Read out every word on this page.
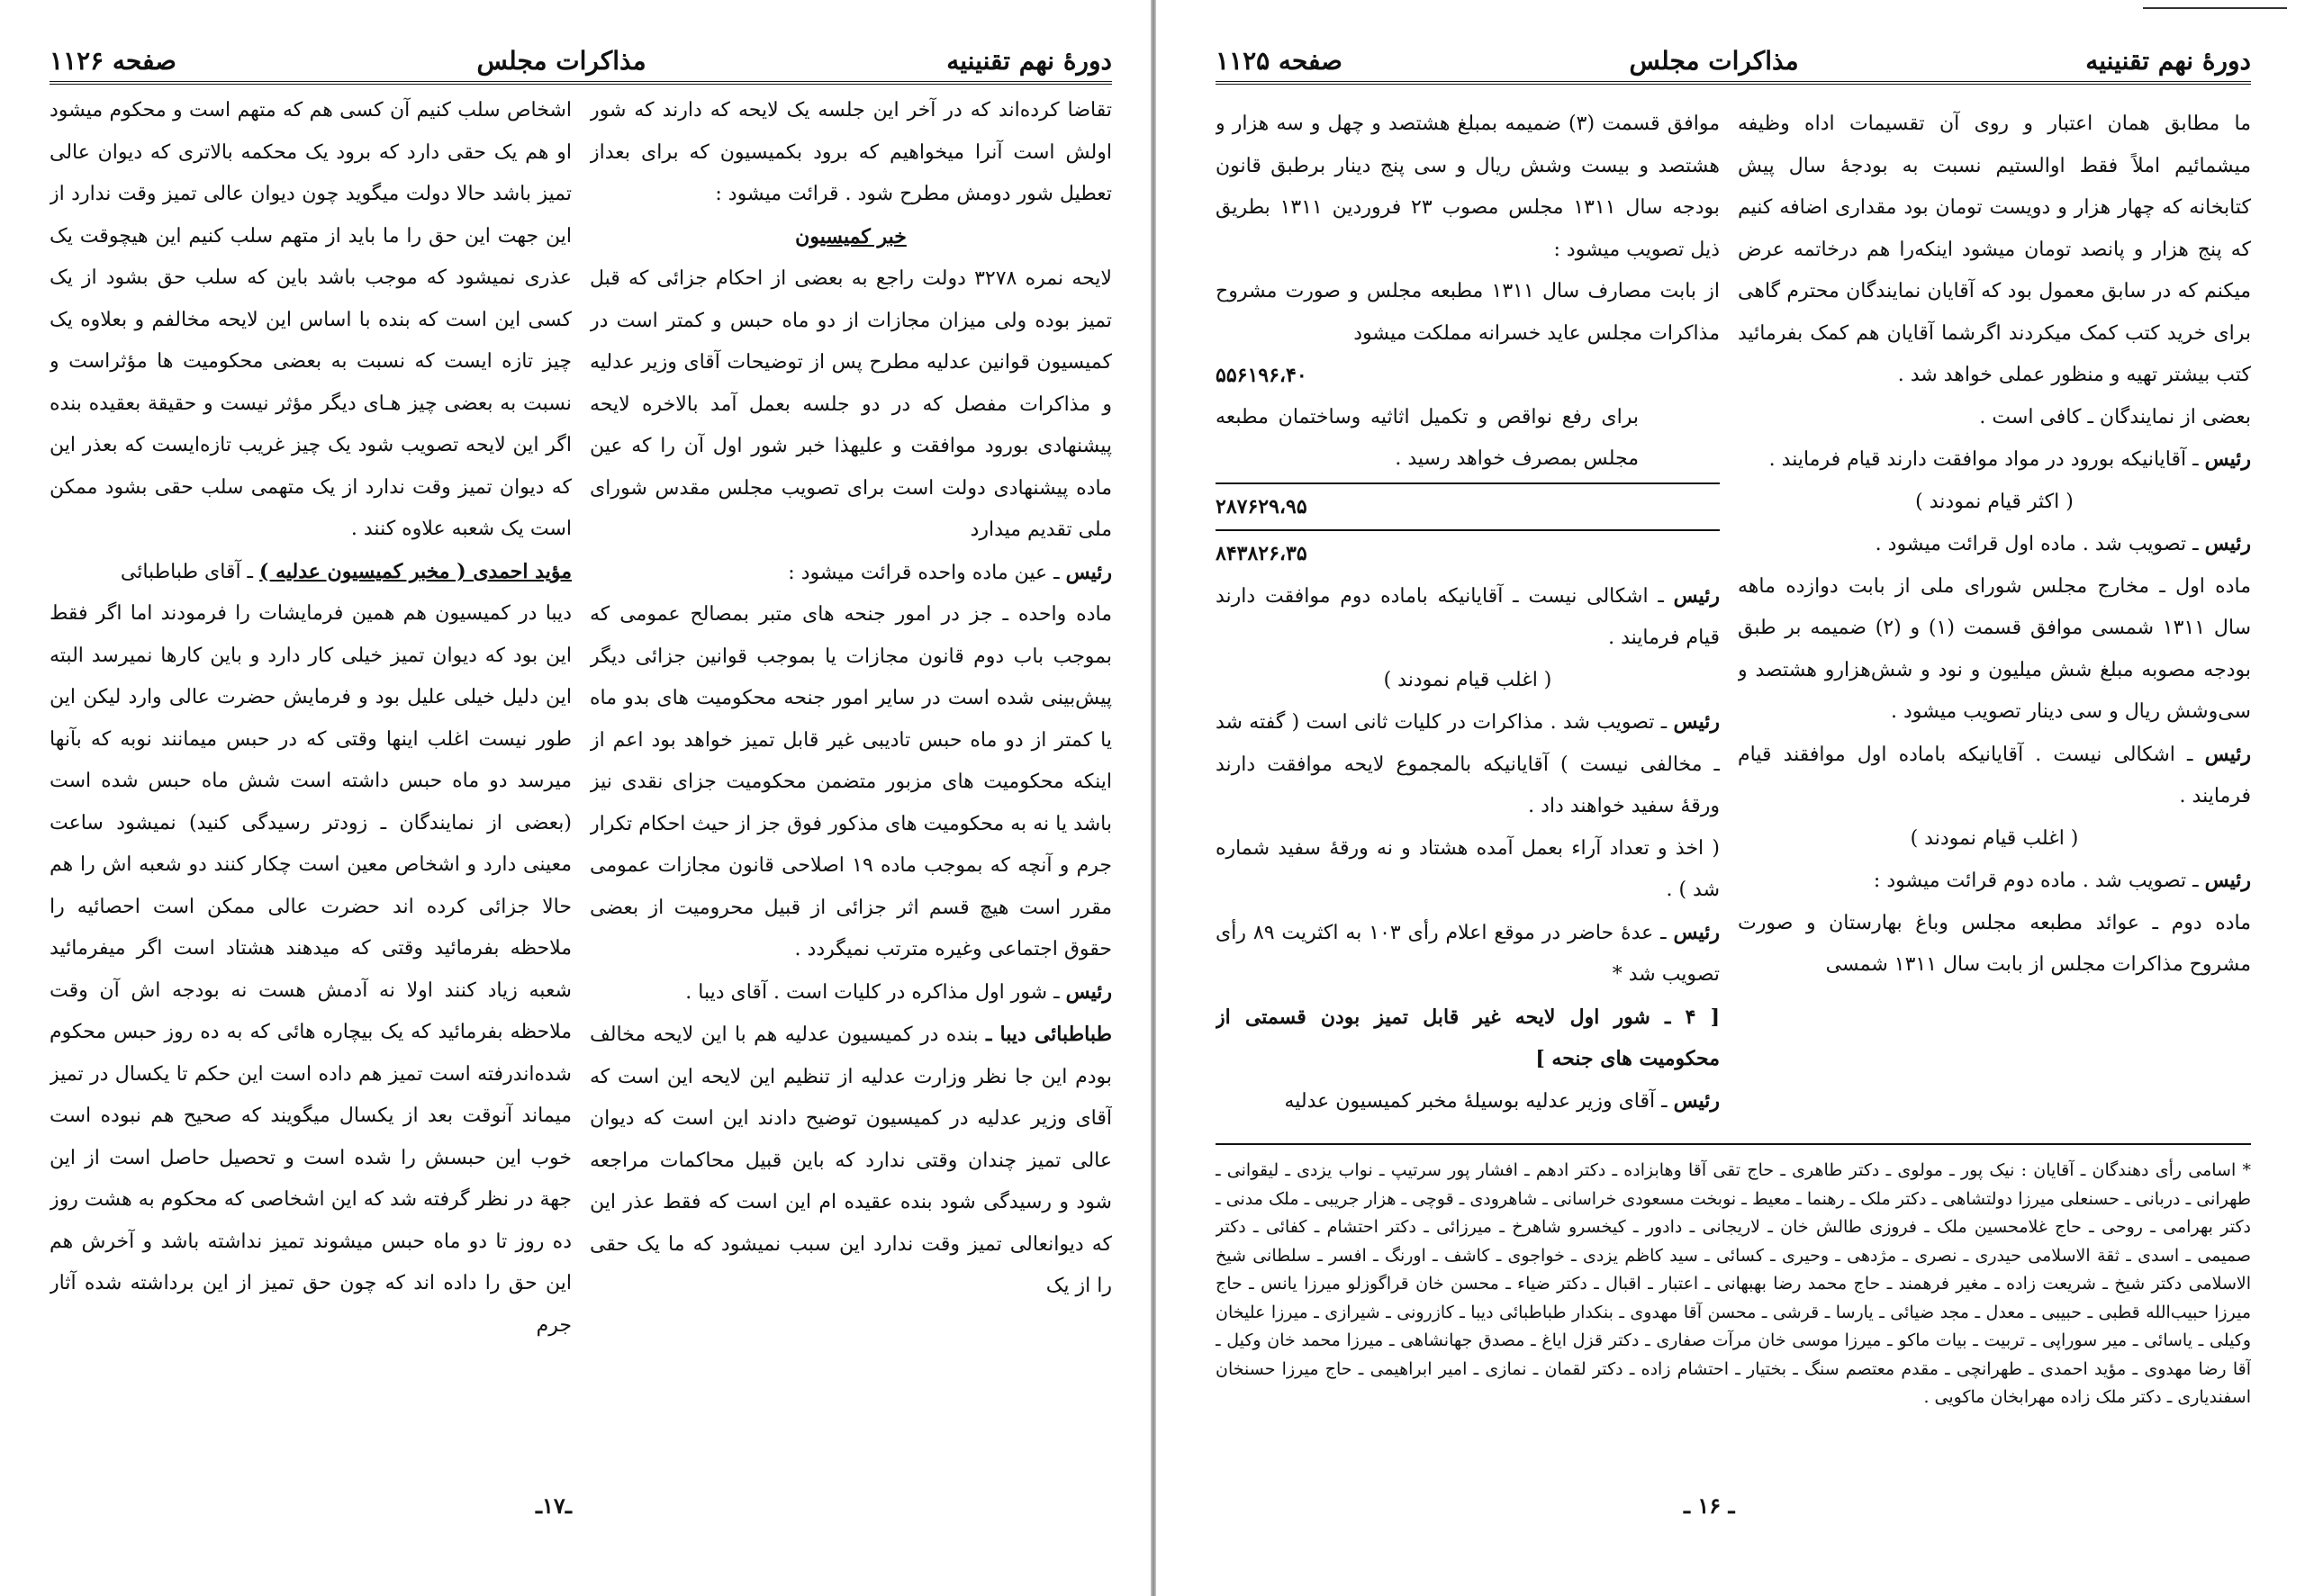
دورهٔ نهم تقنینیه
مذاکرات مجلس
صفحه ۱۱۲۶

تقاضا کرده‌اند که در آخر این جلسه یک لایحه که دارند که شور اولش است آنرا میخواهیم که برود بکمیسیون که برای بعداز تعطیل شور دومش مطرح شود . قرائت میشود :

خبر کمیسیون

لایحه نمره ۳۲۷۸ دولت راجع به بعضی از احکام جزائی که قبل تمیز بوده ولی میزان مجازات از دو ماه حبس و کمتر است در کمیسیون قوانین عدلیه مطرح پس از توضیحات آقای وزیر عدلیه و مذاکرات مفصل که در دو جلسه بعمل آمد بالاخره لایحه پیشنهادی بورود موافقت و علیهذا خبر شور اول آن را که عین ماده پیشنهادی دولت است برای تصویب مجلس مقدس شورای ملی تقدیم میدارد

رئیس ـ عین ماده واحده قرائت میشود :

ماده واحده ـ جز در امور جنحه های متبر بمصالح عمومی که بموجب باب دوم قانون مجازات یا بموجب قوانین جزائی دیگر پیش‌بینی شده است در سایر امور جنحه محکومیت های بدو ماه یا کمتر از دو ماه حبس تادیبی غیر قابل تمیز خواهد بود اعم از اینکه محکومیت های مزبور متضمن محکومیت جزای نقدی نیز باشد یا نه به محکومیت های مذکور فوق جز از حیث احکام تکرار جرم و آنچه که بموجب ماده ۱۹ اصلاحی قانون مجازات عمومی مقرر است هیچ قسم اثر جزائی از قبیل محرومیت از بعضی حقوق اجتماعی وغیره مترتب نمیگردد .

رئیس ـ شور اول مذاکره در کلیات است . آقای دیبا .

طباطبائی دیبا ـ بنده در کمیسیون عدلیه هم با این لایحه مخالف بودم این جا نظر وزارت عدلیه از تنظیم این لایحه این است که آقای وزیر عدلیه در کمیسیون توضیح دادند این است که دیوان عالی تمیز چندان وقتی ندارد که باین قبیل محاکمات مراجعه شود و رسیدگی شود بنده عقیده ام این است که فقط عذر این که دیوانعالی تمیز وقت ندارد این سبب نمیشود که ما یک حقی را از یک

اشخاص سلب کنیم آن کسی هم که متهم است و محکوم میشود او هم یک حقی دارد که برود یک محکمه بالاتری که دیوان عالی تمیز باشد حالا دولت میگوید چون دیوان عالی تمیز وقت ندارد از این جهت این حق را ما باید از متهم سلب کنیم این هیچوقت یک عذری نمیشود که موجب باشد باین که سلب حق بشود از یک کسی این است که بنده با اساس این لایحه مخالفم و بعلاوه یک چیز تازه ایست که نسبت به بعضی محکومیت ها مؤثراست و نسبت به بعضی چیز هـای دیگر مؤثر نیست و حقیقة بعقیده بنده اگر این لایحه تصویب شود یک چیز غریب تازه‌ایست که بعذر این که دیوان تمیز وقت ندارد از یک متهمی سلب حقی بشود ممکن است یک شعبه علاوه کنند .

مؤید احمدی ( مخبر کمیسیون عدلیه ) ـ آقای طباطبائی

دیبا در کمیسیون هم همین فرمایشات را فرمودند اما اگر فقط این بود که دیوان تمیز خیلی کار دارد و باین کارها نمیرسد البته این دلیل خیلی علیل بود و فرمایش حضرت عالی وارد لیکن این طور نیست اغلب اینها وقتی که در حبس میمانند نوبه که بآنها میرسد دو ماه حبس داشته است شش ماه حبس شده است (بعضی از نمایندگان ـ زودتر رسیدگی کنید) نمیشود ساعت معینی دارد و اشخاص معین است چکار کنند دو شعبه اش را هم حالا جزائی کرده اند حضرت عالی ممکن است احصائیه را ملاحظه بفرمائید وقتی که میدهند هشتاد است اگر میفرمائید شعبه زیاد کنند اولا نه آدمش هست نه بودجه اش آن وقت ملاحظه بفرمائید که یک بیچاره هائی که به ده روز حبس محکوم شده‌اندرفته است تمیز هم داده است این حکم تا یکسال در تمیز میماند آنوقت بعد از یکسال میگویند که صحیح هم نبوده است خوب این حبسش را شده است و تحصیل حاصل است از این جهة در نظر گرفته شد که این اشخاصی که محکوم به هشت روز ده روز تا دو ماه حبس میشوند تمیز نداشته باشد و آخرش هم این حق را داده اند که چون حق تمیز از این برداشته شده آثار جرم

ـ۱۷ـ
دورهٔ نهم تقنینیه
مذاکرات مجلس
صفحه ۱۱۲۵

ما مطابق همان اعتبار و روی آن تقسیمات اداه وظیفه میشمائیم املاً فقط اوالستیم نسبت به بودجهٔ سال پیش کتابخانه که چهار هزار و دویست تومان بود مقداری اضافه کنیم که پنج هزار و پانصد تومان میشود اینکه‌را هم درخاتمه عرض میکنم که در سابق معمول بود که آقایان نمایندگان محترم گاهی برای خرید کتب کمک میکردند اگرشما آقایان هم کمک بفرمائید کتب بیشتر تهیه و منظور عملی خواهد شد .

بعضی از نمایندگان ـ کافی است .

رئیس ـ آقایانیکه بورود در مواد موافقت دارند قیام فرمایند .

( اکثر قیام نمودند )

رئیس ـ تصویب شد . ماده اول قرائت میشود .

ماده اول ـ مخارج مجلس شورای ملی از بابت دوازده ماهه سال ۱۳۱۱ شمسی موافق قسمت (۱) و (۲) ضمیمه بر طبق بودجه مصوبه مبلغ شش میلیون و نود و شش‌هزارو هشتصد و سی‌وشش ریال و سی دینار تصویب میشود .

رئیس ـ اشکالی نیست . آقایانیکه باماده اول موافقند قیام فرمایند .

( اغلب قیام نمودند )

رئیس ـ تصویب شد . ماده دوم قرائت میشود :

ماده دوم ـ عوائد مطبعه مجلس وباغ بهارستان و صورت مشروح مذاکرات مجلس از بابت سال ۱۳۱۱ شمسی

موافق قسمت (۳) ضمیمه بمبلغ هشتصد و چهل و سه هزار و هشتصد و بیست وشش ریال و سی پنج دینار برطبق قانون بودجه سال ۱۳۱۱ مجلس مصوب ۲۳ فروردین ۱۳۱۱ بطریق ذیل تصویب میشود :

از بابت مصارف سال ۱۳۱۱ مطبعه مجلس و صورت مشروح مذاکرات مجلس عاید خسرانه مملکت میشود

۵۵۶۱۹۶،۴۰

برای رفع نواقص و تکمیل اثاثیه وساختمان مطبعه مجلس بمصرف خواهد رسید .

۲۸۷۶۲۹،۹۵
۸۴۳۸۲۶،۳۵

رئیس ـ اشکالی نیست ـ آقایانیکه باماده دوم موافقت دارند قیام فرمایند .

( اغلب قیام نمودند )

رئیس ـ تصویب شد . مذاکرات در کلیات ثانی است ( گفته شد ـ مخالفی نیست ) آقایانیکه بالمجموع لایحه موافقت دارند ورقهٔ سفید خواهند داد .

( اخذ و تعداد آراء بعمل آمده هشتاد و نه ورقهٔ سفید شماره شد ) .

رئیس ـ عدهٔ حاضر در موقع اعلام رأی ۱۰۳ به اکثریت ۸۹ رأی تصویب شد *

[ ۴ ـ شور اول لایحه غیر قابل تمیز بودن قسمتی از محکومیت های جنحه ]

رئیس ـ آقای وزیر عدلیه بوسیلهٔ مخبر کمیسیون عدلیه

* اسامی رأی دهندگان ـ آقایان : نیک پور ـ مولوی ـ دکتر طاهری ـ حاج تقی آقا وهابزاده ـ دکتر ادهم ـ افشار پور سرتیپ ـ نواب یزدی ـ لیقوانی ـ طهرانی ـ دربانی ـ حسنعلی میرزا دولتشاهی ـ دکتر ملک ـ رهنما ـ معیط ـ نوبخت مسعودی خراسانی ـ شاهرودی ـ قوچی ـ هزار جریبی ـ ملک مدنی ـ دکتر بهرامی ـ روحی ـ حاج غلامحسین ملک ـ فروزی طالش خان ـ لاریجانی ـ دادور ـ کیخسرو شاهرخ ـ میرزائی ـ دکتر احتشام ـ کفائی ـ دکتر صمیمی ـ اسدی ـ ثقة الاسلامی حیدری ـ نصری ـ مژدهی ـ وحیری ـ کسائی ـ سید کاظم یزدی ـ خواجوی ـ کاشف ـ اورنگ ـ افسر ـ سلطانی شیخ الاسلامی دکتر شیخ ـ شریعت زاده ـ مغیر فرهمند ـ حاج محمد رضا بهبهانی ـ اعتبار ـ اقبال ـ دکتر ضیاء ـ محسن خان قراگوزلو میرزا یانس ـ حاج میرزا حبیب‌الله قطبی ـ حبیبی ـ معدل ـ مجد ضیائی ـ یارسا ـ قرشی ـ محسن آقا مهدوی ـ بنکدار طباطبائی دیبا ـ کازرونی ـ شیرازی ـ میرزا علیخان وکیلی ـ یاسائی ـ میر سوراپی ـ تربیت ـ بیات ماکو ـ میرزا موسی خان مرآت صفاری ـ دکتر قزل ایاغ ـ مصدق جهانشاهی ـ میرزا محمد خان وکیل ـ آقا رضا مهدوی ـ مؤید احمدی ـ طهرانچی ـ مقدم معتصم سنگ ـ بختیار ـ احتشام زاده ـ دکتر لقمان ـ نمازی ـ امیر ابراهیمی ـ حاج میرزا حسنخان اسفندیاری ـ دکتر ملک زاده مهرابخان ماکویی .
ـ ۱۶ ـ
